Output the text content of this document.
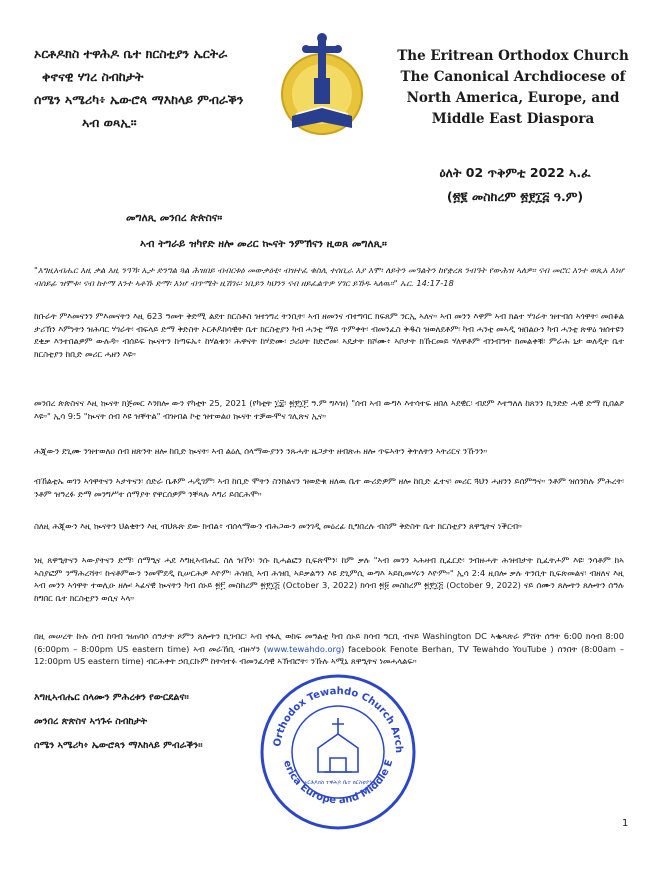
ኦርቶዶክስ ተዋሕዶ ቤተ ክርስቲያን ኤርትራ
ቀኖናዊ ሃገረ ስብከታት
ሰሜን ኣሜሪካ፥ ኤውሮጳ ማእከላይ ምብራቕን
ኣብ ወጻኢ።
The Eritrean Orthodox Church
The Canonical Archdiocese of
North America, Europe, and
Middle East Diaspora
ዕለት 02 ጥቅምቲ 2022 ኣ.ፈ
(፳፪ መስከረም ፳፻፲፭ ዓ.ም)
መግለጺ መንበረ ጵጵስና።
ኣብ ትግራይ ዝካየድ ዘሎ መሪር ኲናት ንምኽናን ዚወጸ መግለጺ።
"እግዚአብሔር እዚ ቃል እዚ ንዓኻ፡ ኢታ ድንግል ጓል ሕዝበይ ብብርቱዕ መውቃዕቲ፡ ብዝተፈ ቁስሊ ተሰቢራ እያ እሞ፡ ለይትን መዓልትን ከየቋረጸ ንብዓት የውሕዝ ኣለዎ። ናብ መሮር እንተ ወጺአ እነሆ ብሰይፊ ዝሞቱ፡ ናብ ከተማ እንተ ኣቶኹ ድማ፡ እነሆ ብጥሜት ዚሽገሩ፡ ነቢይን ካህንን ናብ ዘይፈልጥዎ ሃገር ይኸዱ ኣለዉ።" ኤር. 14:17-18
ከቡራት ምእመናንን ምእመናትን እዚ 623 ዓመት ቅድሚ ልደተ ክርስቶስ ዝተነግረ ትንቢት፡ ኣብ ዘመንና ብተግባር ክፍጸም ንርኢ ኣለና። ኣብ መንን እዋም ኣብ ክልተ ሃገራት ዝተብሰ ኣጎዋት፡ መበቆል ታሪኽን እምነትን ዝሕባር ሃገራት፡ ብፍላይ ድማ ቅድስት ኦርቶዶክሳዊት ቤተ ክርስቲያን ካብ ሓንቲ ማይ ጥምቀት፡ ብመንፈስ ቅዱስ ዝወለደቶም፡ ካብ ሓንቲ መኣዲ ዝበልዑን ካብ ሓንቲ ጽዋዕ ዝሰተዩን ደቂቃ እንተበልዎም ውሉዳ። ብሰይፍ ኲናትን ከጣፍኡ፥ ከሃልቁን፡ ሕዋናት ከሃድሙ፡ ኃሪሀት ከድሮመ፡ ኣዴታት ክሾሙ፥ ኣቦታት ክኹርመይ ሃለዋቶም ብንብዓት ክመልቀቑ፡ ምራሕ ኒታ ወለዲት ቤተ ክርስቲያን ከቢድ መሪር ሓዘን እዩ።
መንበረ ጵጵስናና እዚ ኲናት ክጅመር እንክሎ ውን የካቲት 25, 2021 (የካቲት ፲፰፡ ፳፻፲፫ ዓ.ም ግእዝ) "ሰብ ኣብ ውግእ እተሳተፍ ዘበለ ኣደዊር፡ ብደም እተዓለለ ከጸንን ኪንድድ ሓዊ ድማ ኪበልዖ እዩ።" ኢሳ 9:5 "ኲናት ሰብ እዩ ዝቐትል" ብዝብል ኮቲ ዝተወልዐ ኲናት ተቓውሞና ገሊጽና ኢና።
ሕጂውን ደጊሙ ንዝተወለዐ ሰብ ዘጽንት ዘሎ ከቢድ ኲናት፡ ኣብ ልዕሊ ሰላማውያንን ንጹሓት ዜጋታት ዘብጽሐ ዘሎ ጥፍኣትን ቅትለትን ኣትሪርና ንኹንን።
ብኸልቲኡ ወገን ኣጎዋትናን ኣታትናን፡ ሰድራ ቤቶም ሓዲገም፡ ኣብ ከቢድ ሞትን ስንክልናን ዝወድቁ ዘለዉ ቤተ ውሪድዎም ዘሎ ከቢድ ፈተና፡ መሪር ጓህን ሓዘንን ይሰምዓና። ንቶም ዝሰንከሉ ምሕረት፡ ንቶም ዝዓረፉ ድማ መንግሥተ ሰማያት የዋርሰዎም ንቐጻሉ እግሪ ይበርሕሞ።
ስለዚ ሕጂውን እዚ ኲናትን ህልቂትን እዚ ብህጹጽ ደው ክብል፥ ብሰላማውን ብሕጋውን መንገዲ መዕረፊ ኪግበረሉ ብስም ቅድስት ቤተ ክርስቲያን ጸዋዒትና ነቕርብ።
ነዚ ጸዋዒትናን ኣውያትናን ድማ፡ ሰማዒና ሓደ እግዚኣብሔር ስለ ዝኾነ፡ ንሱ ኪሓልፎን ኪፍጽሞን፡ ከም ቃሉ "ኣብ መንን ኣሕዛብ ኪፈርድ፡ ንብዙሓት ሕዝብታት ኪፈትሖም እዩ፡ ንሳቶም ከኣ ኣስያፎም ንማሕረሻት፡ ኩናቶምውን ንመሞደዲ ኪሠርሕዎ እዮም፡ ሕዝቢ ኣብ ሕዝቢ ኣይቃልዓን እዩ ደጊምሲ ውግእ ኣይኪመሃሩን እዮም።" ኢሳ 2:4 ዚበሎ ቃሉ ትንቢት ኪፍጽመልና፡ ብዘለና እዚ ኣብ መንን ኣጎዋት ተወሊዑ ዘሎ፡ ኣፊናዊ ኲናትን ካብ ሰኑይ ፳፫ መስከረም ፳፻፲፭ (October 3, 2022) ክሳብ ፳፱ መስከረም ፳፻፲፭ (October 9, 2022) ናይ ሰሙን ጸሎትን ጸሎትን ሰዓሉ ከግበር ቤተ ክርስቲያን ወሲና ኣላ።
በዚ መሠረት ኩሉ ሰብ ከባብ ዝጠባሶ ሰዓታት ጾምን ጸሎትን ኪገብር፡ ኣብ ኖፋሊ ወከፍ መዓልቲ ካብ ሰኑይ ክሳብ ዓርቢ ብናይ Washington DC ኣቈጻጽራ ምሸት ሰዓት 6:00 ክሳብ 8:00 (6:00pm – 8:00pm US eastern time) ኣብ መራኸቢ ብዙሃን (www.tewahdo.org) facebook Fenote Berhan, TV Tewahdo YouTube ) ሰንበት (8:00am – 12:00pm US eastern time) ብርሕቀት ኃቢርኩም ከትሳተፉ ብመንፈሳዊ ኣኽብሮት፡ ንኹሉ ኣሚኒ ጸዋዒትና ነመሓላልፍ።
እግዚኣብሔር ሰላሙን ምሕረቱን የውርደልና።
መንበረ ጵጵስና ኣኀጉሩ ስብከታት
ሰሜን ኣሜሪካ፥ ኤውሮጳን ማእከላይ ምብራቕን።	Orthodox Tewahdo Church Arch
erica Europe and Middle E
ኦርቶዶክስ ተዋሕዶ ቤተ ክርስቲያን
1
